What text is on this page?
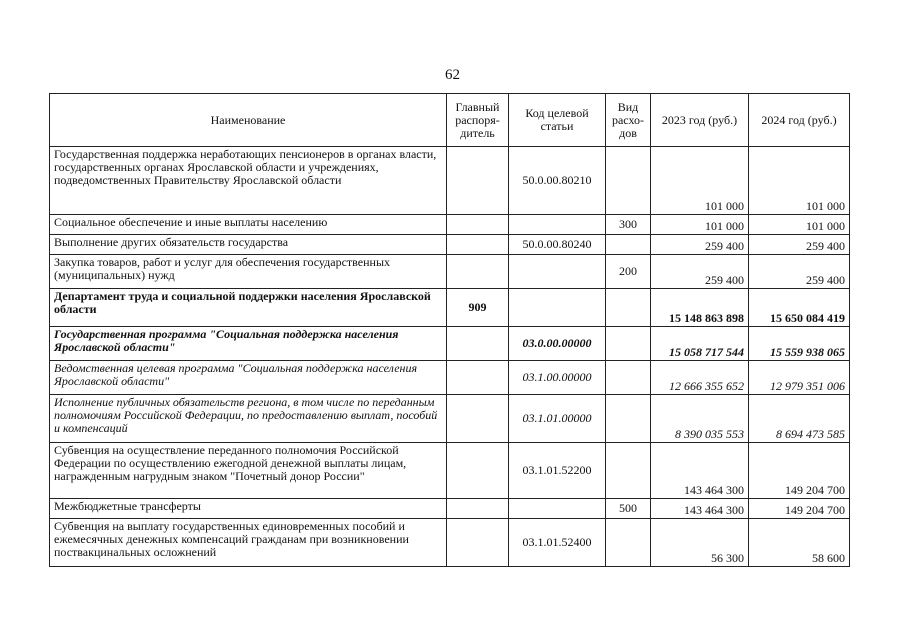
62
Наименование	Главный распоря-дитель	Код целевой статьи	Вид расхо-дов	2023 год (руб.)	2024 год (руб.)
Государственная поддержка неработающих пенсионеров в органах власти, государственных органах Ярославской области и учреждениях, подведомственных Правительству Ярославской области		50.0.00.80210		101 000	101 000
Социальное обеспечение и иные выплаты населению			300	101 000	101 000
Выполнение других обязательств государства		50.0.00.80240		259 400	259 400
Закупка товаров, работ и услуг для обеспечения государственных (муниципальных) нужд			200	259 400	259 400
Департамент труда и социальной поддержки населения Ярославской области	909			15 148 863 898	15 650 084 419
Государственная программа "Социальная поддержка населения Ярославской области"		03.0.00.00000		15 058 717 544	15 559 938 065
Ведомственная целевая программа "Социальная поддержка населения Ярославской области"		03.1.00.00000		12 666 355 652	12 979 351 006
Исполнение публичных обязательств региона, в том числе по переданным полномочиям Российской Федерации, по предоставлению выплат, пособий и компенсаций		03.1.01.00000		8 390 035 553	8 694 473 585
Субвенция на осуществление переданного полномочия Российской Федерации по осуществлению ежегодной денежной выплаты лицам, награжденным нагрудным знаком "Почетный донор России"		03.1.01.52200		143 464 300	149 204 700
Межбюджетные трансферты			500	143 464 300	149 204 700
Субвенция на выплату государственных единовременных пособий и ежемесячных денежных компенсаций гражданам при возникновении поствакцинальных осложнений		03.1.01.52400		56 300	58 600
